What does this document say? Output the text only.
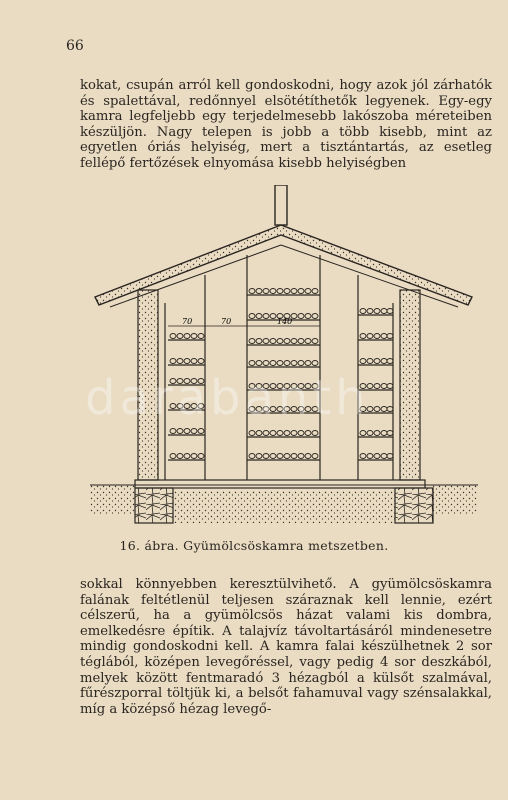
66
kokat, csupán arról kell gondoskodni, hogy azok jól zárhatók és spalettával, redőnnyel elsötétíthetők legyenek. Egy-egy kamra legfeljebb egy terjedelmesebb lakószoba méreteiben készüljön. Nagy telepen is jobb a több kisebb, mint az egyetlen óriás helyiség, mert a tisztántartás, az esetleg fellépő fertőzések elnyomása kisebb helyiségben
70	70	140
16. ábra. Gyümölcsöskamra metszetben.
sokkal könnyebben keresztülvihető. A gyümölcsöskamra falának feltétlenül teljesen száraznak kell lennie, ezért célszerű, ha a gyümölcsös házat valami kis dombra, emelkedésre építik. A talajvíz távoltartásáról mindenesetre mindig gondoskodni kell. A kamra falai készülhetnek 2 sor téglából, középen levegőréssel, vagy pedig 4 sor deszkából, melyek között fentmaradó 3 hézagból a külsőt szalmával, fűrészporral töltjük ki, a belsőt fahamuval vagy szénsalakkal, míg a középső hézag levegő-
darabanth
